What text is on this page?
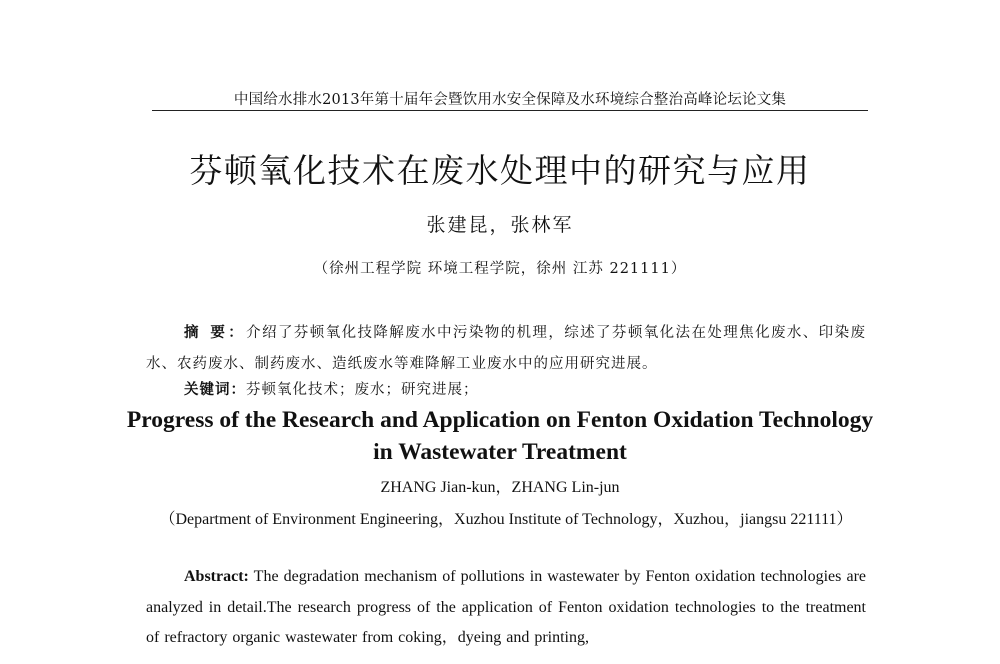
中国给水排水2013年第十届年会暨饮用水安全保障及水环境综合整治高峰论坛论文集
芬顿氧化技术在废水处理中的研究与应用
张建昆，张林军
（徐州工程学院 环境工程学院，徐州 江苏 221111）
摘 要：介绍了芬顿氧化技降解废水中污染物的机理，综述了芬顿氧化法在处理焦化废水、印染废水、农药废水、制药废水、造纸废水等难降解工业废水中的应用研究进展。
关键词：芬顿氧化技术；废水；研究进展；
Progress of the Research and Application on Fenton Oxidation Technology in Wastewater Treatment
ZHANG Jian-kun，ZHANG Lin-jun
（Department of Environment Engineering，Xuzhou Institute of Technology，Xuzhou，jiangsu 221111）
Abstract: The degradation mechanism of pollutions in wastewater by Fenton oxidation technologies are analyzed in detail.The research progress of the application of Fenton oxidation technologies to the treatment of refractory organic wastewater from coking，dyeing and printing,
